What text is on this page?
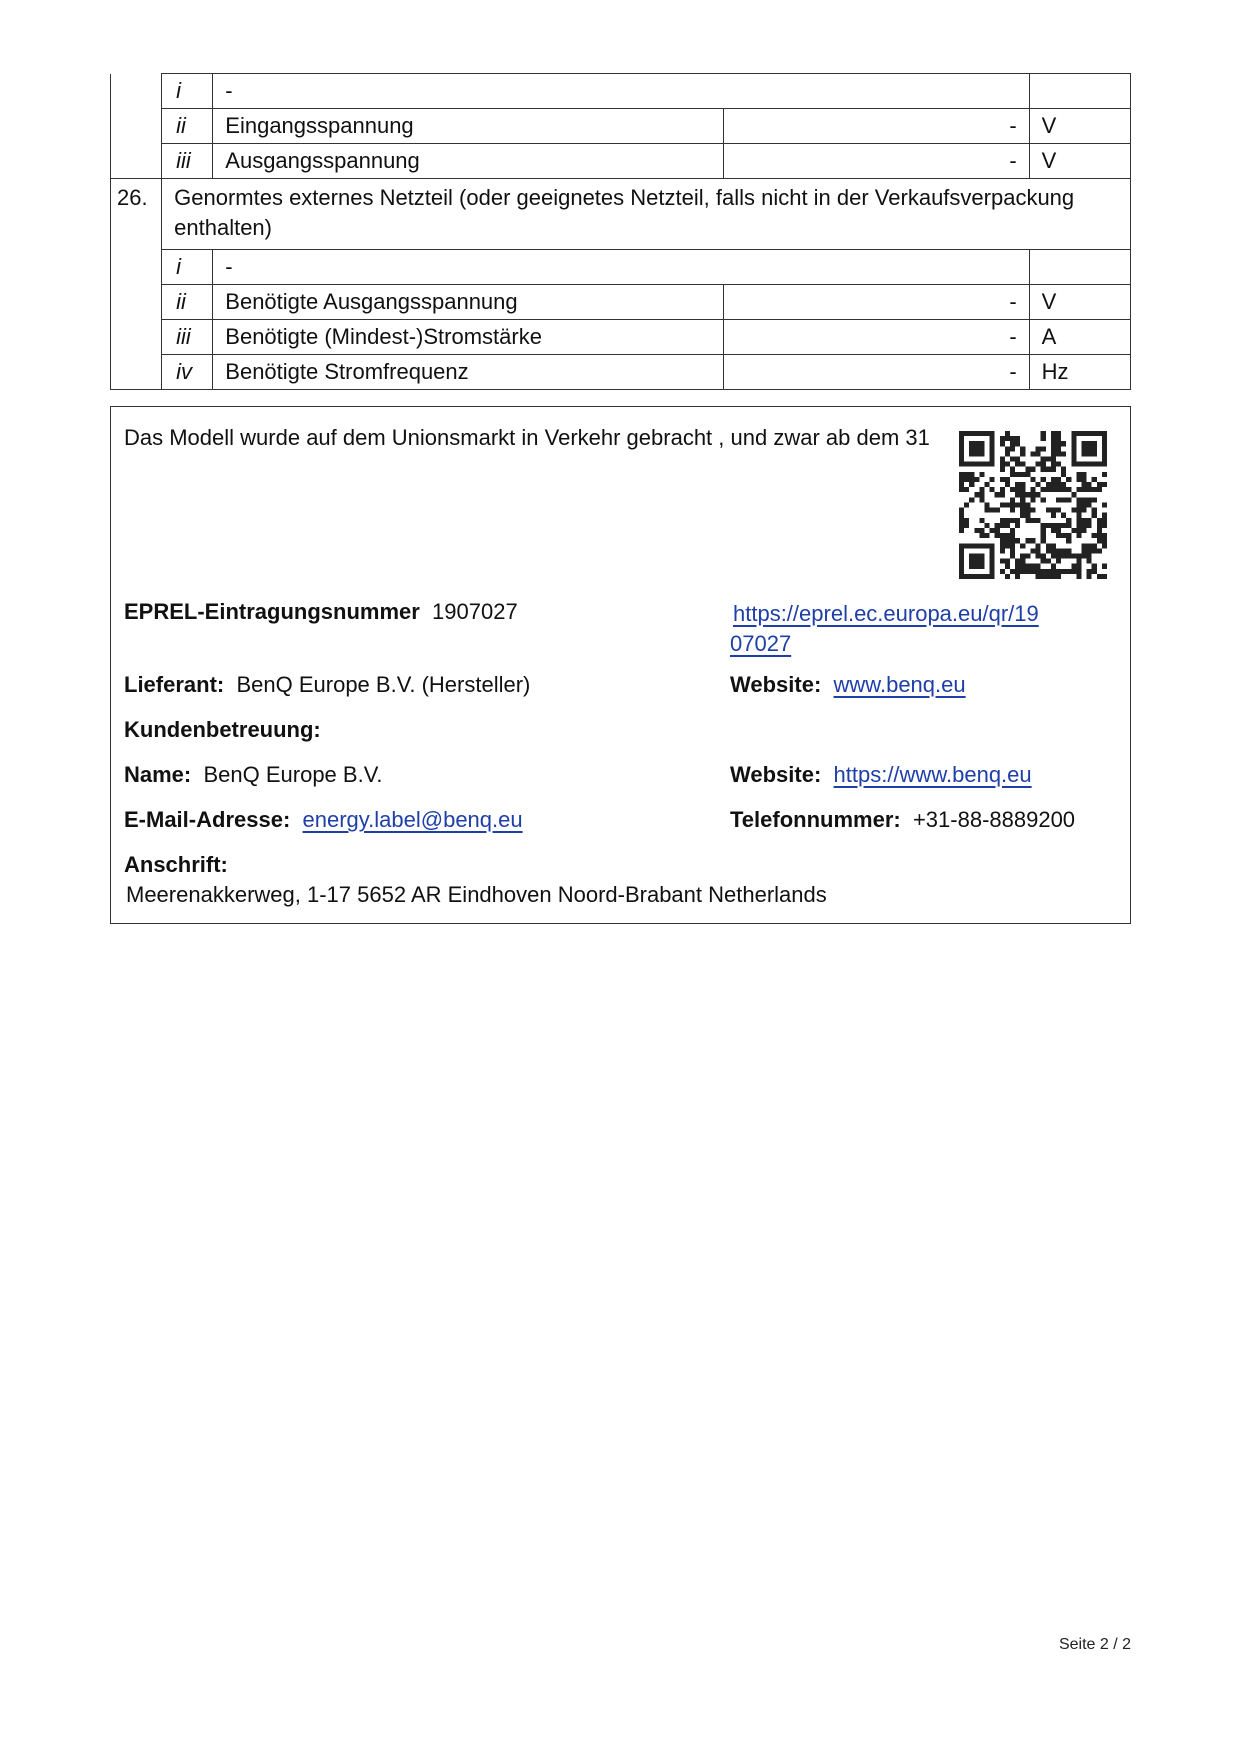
	i	-		
	ii	Eingangsspannung	-	V
	iii	Ausgangsspannung	-	V
26.	Genormtes externes Netzteil (oder geeignetes Netzteil, falls nicht in der Verkaufsverpackung enthalten)			
	i	-		
	ii	Benötigte Ausgangsspannung	-	V
	iii	Benötigte (Mindest-)Stromstärke	-	A
	iv	Benötigte Stromfrequenz	-	Hz
Das Modell wurde auf dem Unionsmarkt in Verkehr gebracht , und zwar ab dem 31
EPREL-Eintragungsnummer 1907027	https://eprel.ec.europa.eu/qr/19
07027
Lieferant: BenQ Europe B.V. (Hersteller)	Website: www.benq.eu
Kundenbetreuung:
Name: BenQ Europe B.V.	Website: https://www.benq.eu
E-Mail-Adresse: energy.label@benq.eu	Telefonnummer: +31-88-8889200
Anschrift:
Meerenakkerweg, 1-17 5652 AR Eindhoven Noord-Brabant Netherlands
Seite 2 / 2
